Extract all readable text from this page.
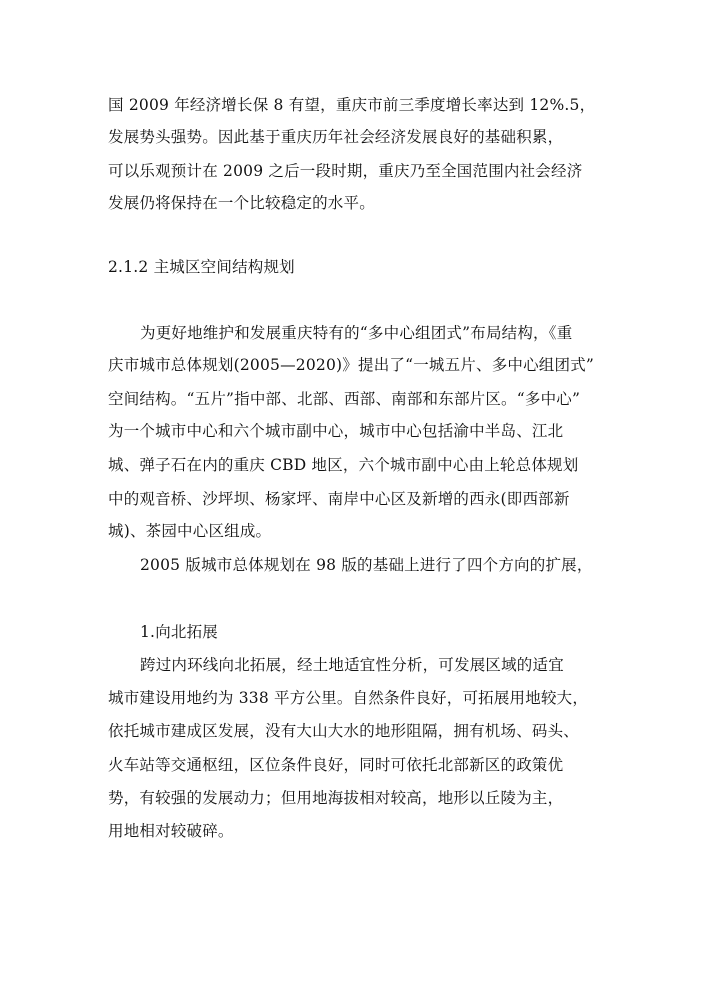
国 2009 年经济增长保 8 有望，重庆市前三季度增长率达到 12%.5，
发展势头强势。因此基于重庆历年社会经济发展良好的基础积累，
可以乐观预计在 2009 之后一段时期，重庆乃至全国范围内社会经济
发展仍将保持在一个比较稳定的水平。
2.1.2 主城区空间结构规划
为更好地维护和发展重庆特有的“多中心组团式”布局结构，《重
庆市城市总体规划(2005—2020)》提出了“一城五片、多中心组团式”
空间结构。“五片”指中部、北部、西部、南部和东部片区。“多中心”
为一个城市中心和六个城市副中心，城市中心包括渝中半岛、江北
城、弹子石在内的重庆 CBD 地区，六个城市副中心由上轮总体规划
中的观音桥、沙坪坝、杨家坪、南岸中心区及新增的西永(即西部新
城)、茶园中心区组成。
2005 版城市总体规划在 98 版的基础上进行了四个方向的扩展，
1.向北拓展
跨过内环线向北拓展，经土地适宜性分析，可发展区域的适宜
城市建设用地约为 338 平方公里。自然条件良好，可拓展用地较大，
依托城市建成区发展，没有大山大水的地形阻隔，拥有机场、码头、
火车站等交通枢纽，区位条件良好，同时可依托北部新区的政策优
势，有较强的发展动力；但用地海拔相对较高，地形以丘陵为主，
用地相对较破碎。
